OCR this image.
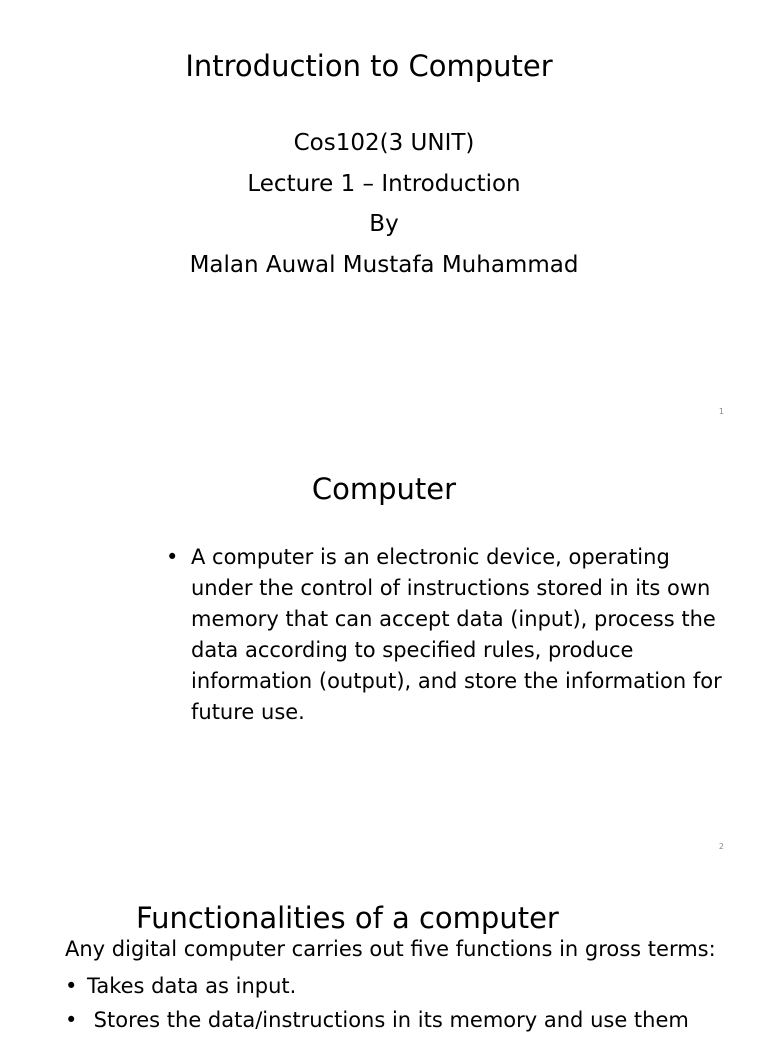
Introduction to Computer
Cos102(3 UNIT)
Lecture 1 – Introduction
By
Malan Auwal Mustafa Muhammad
1
Computer
• A computer is an electronic device, operating under the control of instructions stored in its own memory that can accept data (input), process the data according to specified rules, produce information (output), and store the information for future use.
2
Functionalities of a computer
Any digital computer carries out five functions in gross terms:
• Takes data as input.
• Stores the data/instructions in its memory and use them
